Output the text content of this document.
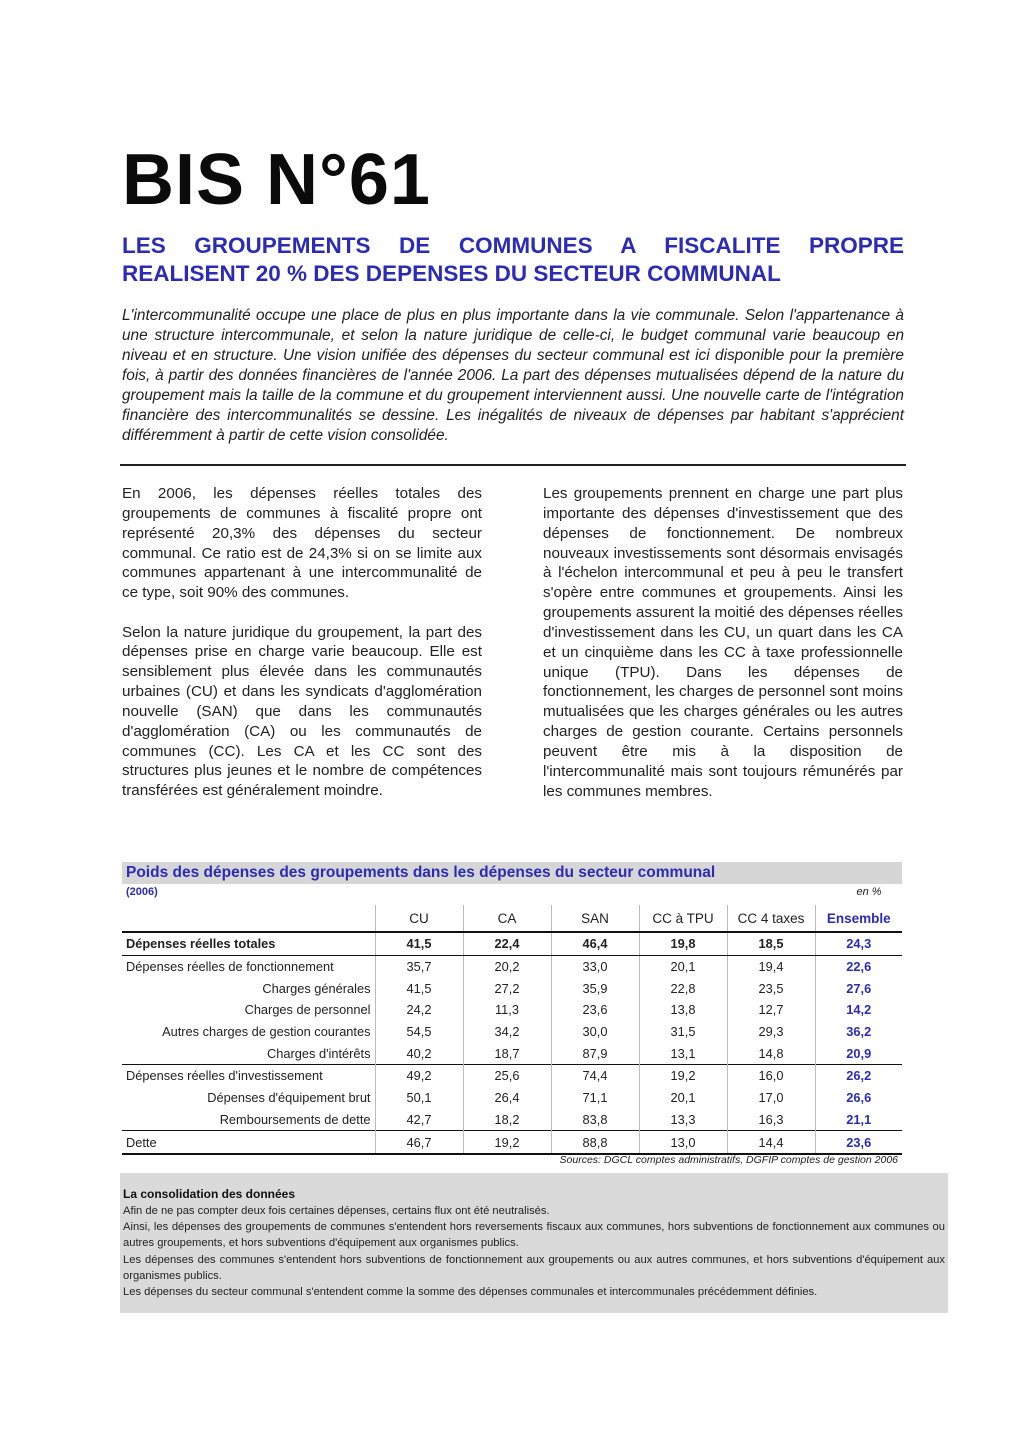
BIS N°61
LES GROUPEMENTS DE COMMUNES A FISCALITE PROPRE
REALISENT 20 % DES DEPENSES DU SECTEUR COMMUNAL

L'intercommunalité occupe une place de plus en plus importante dans la vie communale. Selon l'appartenance à une structure intercommunale, et selon la nature juridique de celle-ci, le budget communal varie beaucoup en niveau et en structure. Une vision unifiée des dépenses du secteur communal est ici disponible pour la première fois, à partir des données financières de l'année 2006. La part des dépenses mutualisées dépend de la nature du groupement mais la taille de la commune et du groupement interviennent aussi. Une nouvelle carte de l'intégration financière des intercommunalités se dessine. Les inégalités de niveaux de dépenses par habitant s'apprécient différemment à partir de cette vision consolidée.

En 2006, les dépenses réelles totales des groupements de communes à fiscalité propre ont représenté 20,3% des dépenses du secteur communal. Ce ratio est de 24,3% si on se limite aux communes appartenant à une intercommunalité de ce type, soit 90% des communes.

Selon la nature juridique du groupement, la part des dépenses prise en charge varie beaucoup. Elle est sensiblement plus élevée dans les communautés urbaines (CU) et dans les syndicats d'agglomération nouvelle (SAN) que dans les communautés d'agglomération (CA) ou les communautés de communes (CC). Les CA et les CC sont des structures plus jeunes et le nombre de compétences transférées est généralement moindre.

Les groupements prennent en charge une part plus importante des dépenses d'investissement que des dépenses de fonctionnement. De nombreux nouveaux investissements sont désormais envisagés à l'échelon intercommunal et peu à peu le transfert s'opère entre communes et groupements. Ainsi les groupements assurent la moitié des dépenses réelles d'investissement dans les CU, un quart dans les CA et un cinquième dans les CC à taxe professionnelle unique (TPU). Dans les dépenses de fonctionnement, les charges de personnel sont moins mutualisées que les charges générales ou les autres charges de gestion courante. Certains personnels peuvent être mis à la disposition de l'intercommunalité mais sont toujours rémunérés par les communes membres.

Poids des dépenses des groupements dans les dépenses du secteur communal
(2006)	en %
	CU	CA	SAN	CC à TPU	CC 4 taxes	Ensemble
Dépenses réelles totales	41,5	22,4	46,4	19,8	18,5	24,3
Dépenses réelles de fonctionnement	35,7	20,2	33,0	20,1	19,4	22,6
Charges générales	41,5	27,2	35,9	22,8	23,5	27,6
Charges de personnel	24,2	11,3	23,6	13,8	12,7	14,2
Autres charges de gestion courantes	54,5	34,2	30,0	31,5	29,3	36,2
Charges d'intérêts	40,2	18,7	87,9	13,1	14,8	20,9
Dépenses réelles d'investissement	49,2	25,6	74,4	19,2	16,0	26,2
Dépenses d'équipement brut	50,1	26,4	71,1	20,1	17,0	26,6
Remboursements de dette	42,7	18,2	83,8	13,3	16,3	21,1
Dette	46,7	19,2	88,8	13,0	14,4	23,6
Sources: DGCL comptes administratifs, DGFIP comptes de gestion 2006
La consolidation des données

Afin de ne pas compter deux fois certaines dépenses, certains flux ont été neutralisés.

Ainsi, les dépenses des groupements de communes s'entendent hors reversements fiscaux aux communes, hors subventions de fonctionnement aux communes ou autres groupements, et hors subventions d'équipement aux organismes publics.

Les dépenses des communes s'entendent hors subventions de fonctionnement aux groupements ou aux autres communes, et hors subventions d'équipement aux organismes publics.

Les dépenses du secteur communal s'entendent comme la somme des dépenses communales et intercommunales précédemment définies.
